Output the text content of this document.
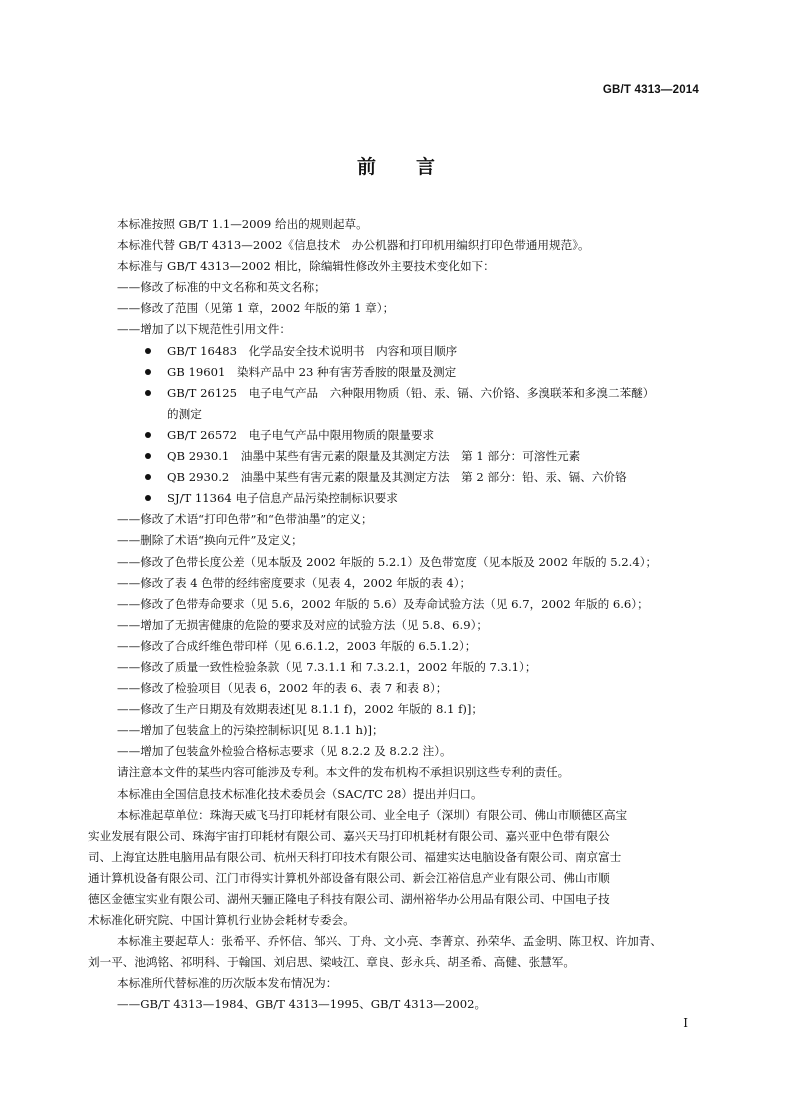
GB/T 4313—2014
前 言
本标准按照 GB/T 1.1—2009 给出的规则起草。
本标准代替 GB/T 4313—2002《信息技术　办公机器和打印机用编织打印色带通用规范》。
本标准与 GB/T 4313—2002 相比，除编辑性修改外主要技术变化如下：
——修改了标准的中文名称和英文名称；
——修改了范围（见第 1 章，2002 年版的第 1 章）；
——增加了以下规范性引用文件：
GB/T 16483　化学品安全技术说明书　内容和项目顺序
GB 19601　染料产品中 23 种有害芳香胺的限量及测定
GB/T 26125　电子电气产品　六种限用物质（铅、汞、镉、六价铬、多溴联苯和多溴二苯醚）
的测定
GB/T 26572　电子电气产品中限用物质的限量要求
QB 2930.1　油墨中某些有害元素的限量及其测定方法　第 1 部分：可溶性元素
QB 2930.2　油墨中某些有害元素的限量及其测定方法　第 2 部分：铅、汞、镉、六价铬
SJ/T 11364 电子信息产品污染控制标识要求
——修改了术语“打印色带”和“色带油墨”的定义；
——删除了术语“换向元件”及定义；
——修改了色带长度公差（见本版及 2002 年版的 5.2.1）及色带宽度（见本版及 2002 年版的 5.2.4）；
——修改了表 4 色带的经纬密度要求（见表 4，2002 年版的表 4）；
——修改了色带寿命要求（见 5.6，2002 年版的 5.6）及寿命试验方法（见 6.7，2002 年版的 6.6）；
——增加了无损害健康的危险的要求及对应的试验方法（见 5.8、6.9）；
——修改了合成纤维色带印样（见 6.6.1.2，2003 年版的 6.5.1.2）；
——修改了质量一致性检验条款（见 7.3.1.1 和 7.3.2.1，2002 年版的 7.3.1）；
——修改了检验项目（见表 6，2002 年的表 6、表 7 和表 8）；
——修改了生产日期及有效期表述[见 8.1.1 f)，2002 年版的 8.1 f)]；
——增加了包装盒上的污染控制标识[见 8.1.1 h)]；
——增加了包装盒外检验合格标志要求（见 8.2.2 及 8.2.2 注）。
请注意本文件的某些内容可能涉及专利。本文件的发布机构不承担识别这些专利的责任。
本标准由全国信息技术标准化技术委员会（SAC/TC 28）提出并归口。
本标准起草单位：珠海天威飞马打印耗材有限公司、业全电子（深圳）有限公司、佛山市顺德区高宝
实业发展有限公司、珠海宇宙打印耗材有限公司、嘉兴天马打印机耗材有限公司、嘉兴亚中色带有限公
司、上海宜达胜电脑用品有限公司、杭州天科打印技术有限公司、福建实达电脑设备有限公司、南京富士
通计算机设备有限公司、江门市得实计算机外部设备有限公司、新会江裕信息产业有限公司、佛山市顺
德区金德宝实业有限公司、湖州天骊正隆电子科技有限公司、湖州裕华办公用品有限公司、中国电子技
术标准化研究院、中国计算机行业协会耗材专委会。
本标准主要起草人：张希平、乔怀信、邹兴、丁舟、文小亮、李菁京、孙荣华、孟金明、陈卫权、许加青、
刘一平、池鸿铭、祁明科、于翰国、刘启思、梁岐江、章良、彭永兵、胡圣希、高健、张慧军。
本标准所代替标准的历次版本发布情况为：
——GB/T 4313—1984、GB/T 4313—1995、GB/T 4313—2002。
I
